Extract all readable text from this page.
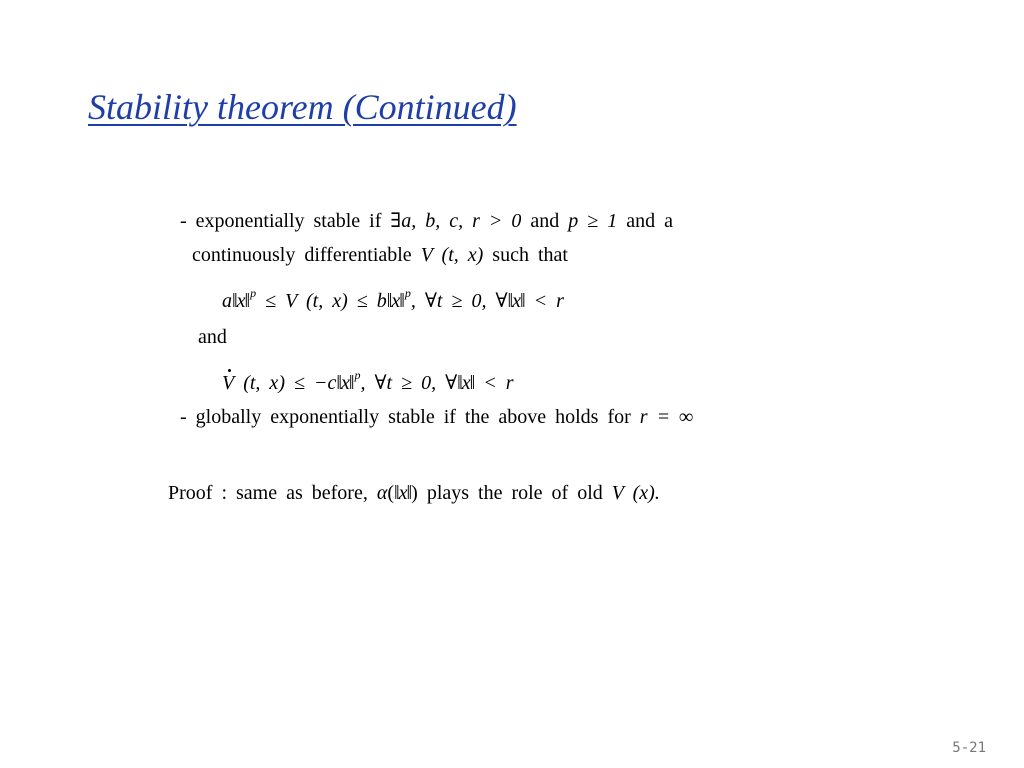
Stability theorem (Continued)
- exponentially stable if ∃a, b, c, r > 0 and p ≥ 1 and a
continuously differentiable V (t, x) such that
a‖x‖$^p$ ≤ V (t, x) ≤ b‖x‖$^p$, ∀t ≥ 0, ∀‖x‖ < r
and
V (t, x) ≤ −c‖x‖$^p$, ∀t ≥ 0, ∀‖x‖ < r
- globally exponentially stable if the above holds for r = ∞
Proof : same as before, α(‖x‖) plays the role of old V (x).
5-21
